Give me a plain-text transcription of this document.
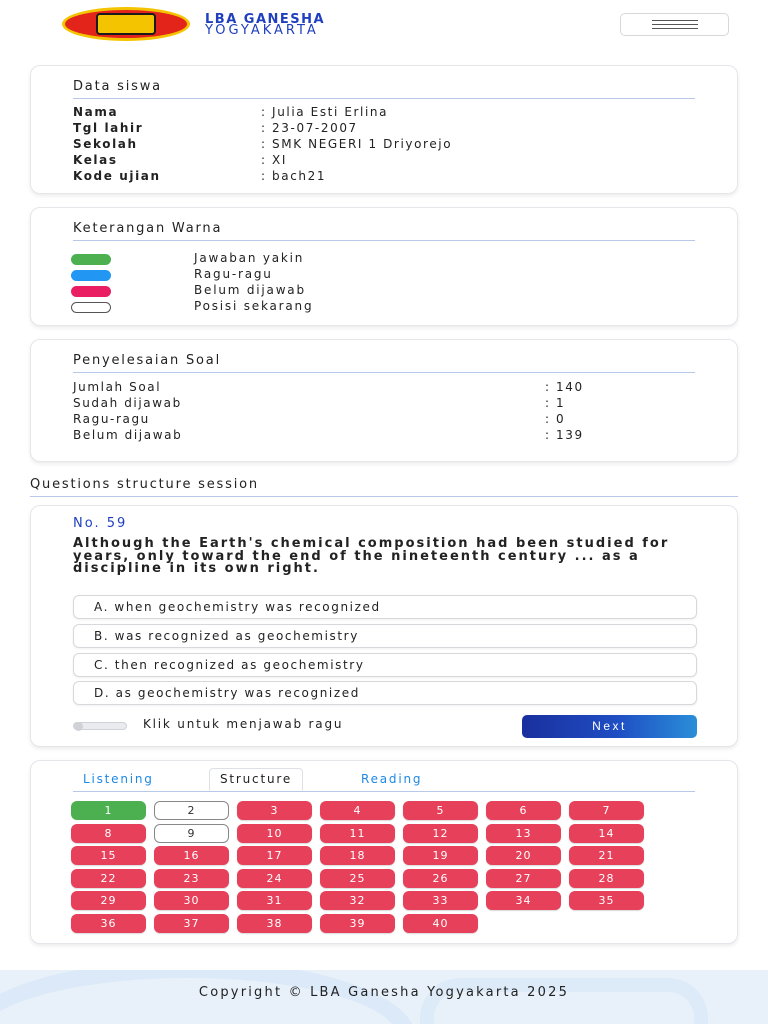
LBA GANESHA
YOGYAKARTA
Data siswa
Nama	: Julia Esti Erlina
Tgl lahir	: 23-07-2007
Sekolah	: SMK NEGERI 1 Driyorejo
Kelas	: XI
Kode ujian	: bach21
Keterangan Warna
Jawaban yakin
Ragu-ragu
Belum dijawab
Posisi sekarang
Penyelesaian Soal
Jumlah Soal	: 140
Sudah dijawab	: 1
Ragu-ragu	: 0
Belum dijawab	: 139
Questions structure session
No. 59
Although the Earth's chemical composition had been studied for years, only toward the end of the nineteenth century ... as a discipline in its own right.
A. when geochemistry was recognized
B. was recognized as geochemistry
C. then recognized as geochemistry
D. as geochemistry was recognized
Klik untuk menjawab ragu	Next
Listening	Structure	Reading
1	2	3	4	5	6	7
8	9	10	11	12	13	14
15	16	17	18	19	20	21
22	23	24	25	26	27	28
29	30	31	32	33	34	35
36	37	38	39	40
Copyright © LBA Ganesha Yogyakarta 2025
